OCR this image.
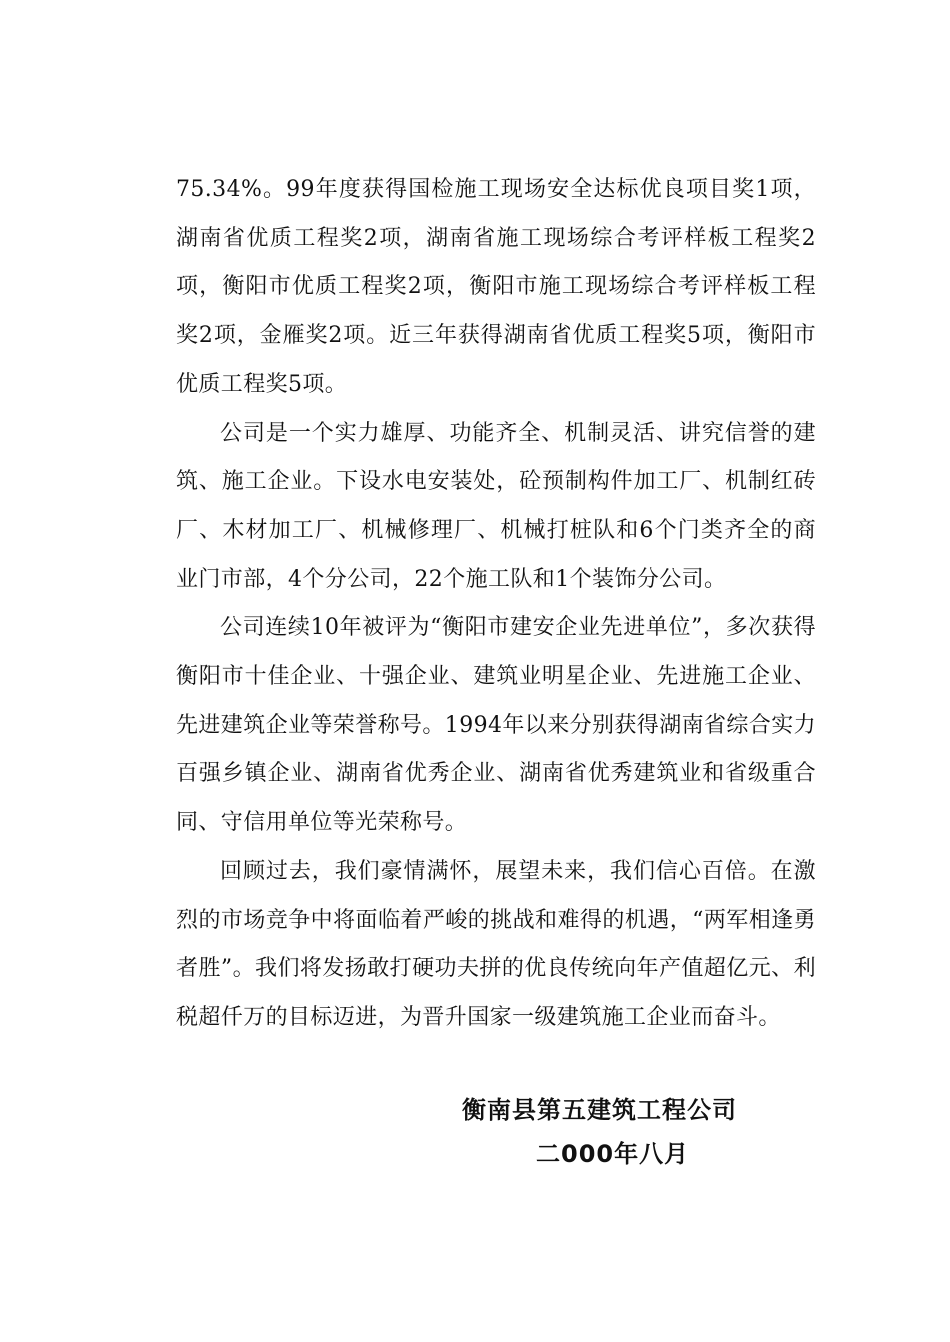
75.34%。99年度获得国检施工现场安全达标优良项目奖1项，湖南省优质工程奖2项，湖南省施工现场综合考评样板工程奖2项，衡阳市优质工程奖2项，衡阳市施工现场综合考评样板工程奖2项，金雁奖2项。近三年获得湖南省优质工程奖5项，衡阳市优质工程奖5项。

公司是一个实力雄厚、功能齐全、机制灵活、讲究信誉的建筑、施工企业。下设水电安装处，砼预制构件加工厂、机制红砖厂、木材加工厂、机械修理厂、机械打桩队和6个门类齐全的商业门市部，4个分公司，22个施工队和1个装饰分公司。

公司连续10年被评为“衡阳市建安企业先进单位”，多次获得衡阳市十佳企业、十强企业、建筑业明星企业、先进施工企业、先进建筑企业等荣誉称号。1994年以来分别获得湖南省综合实力百强乡镇企业、湖南省优秀企业、湖南省优秀建筑业和省级重合同、守信用单位等光荣称号。

回顾过去，我们豪情满怀，展望未来，我们信心百倍。在激烈的市场竞争中将面临着严峻的挑战和难得的机遇，“两军相逢勇者胜”。我们将发扬敢打硬功夫拼的优良传统向年产值超亿元、利税超仟万的目标迈进，为晋升国家一级建筑施工企业而奋斗。

衡南县第五建筑工程公司
二000年八月
